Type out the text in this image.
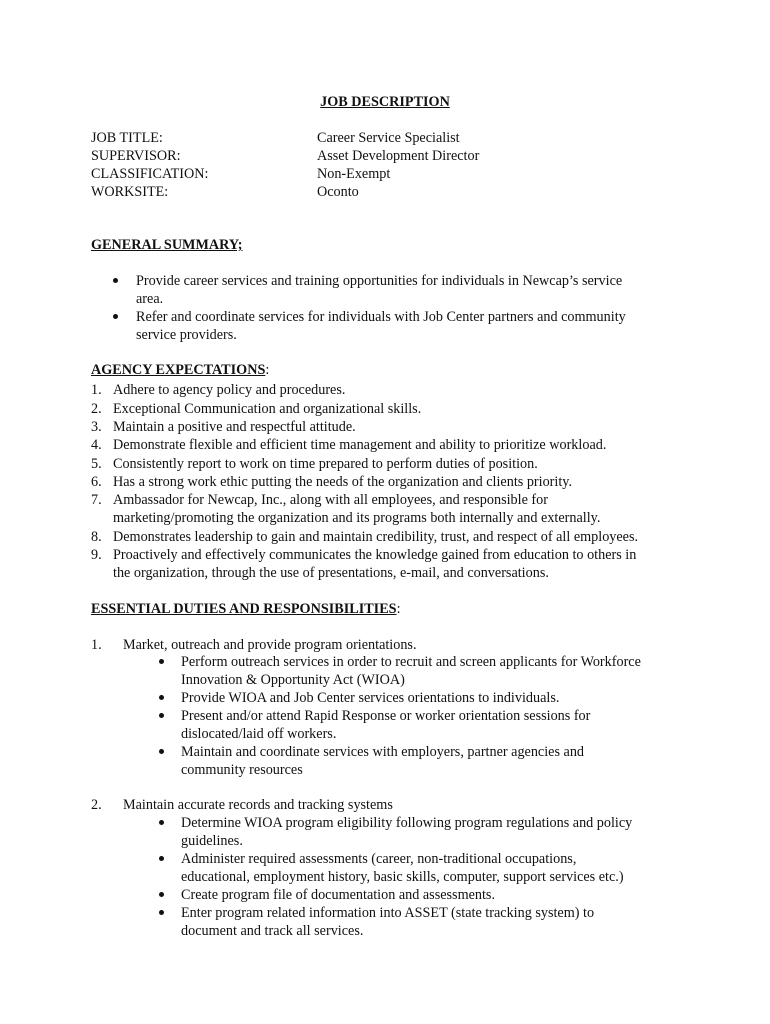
JOB DESCRIPTION
JOB TITLE:	Career Service Specialist
SUPERVISOR:	Asset Development Director
CLASSIFICATION:	Non-Exempt
WORKSITE:	Oconto
GENERAL SUMMARY;
Provide career services and training opportunities for individuals in Newcap’s service
area.
Refer and coordinate services for individuals with Job Center partners and community
service providers.
AGENCY EXPECTATIONS:
1. Adhere to agency policy and procedures.
2. Exceptional Communication and organizational skills.
3. Maintain a positive and respectful attitude.
4. Demonstrate flexible and efficient time management and ability to prioritize workload.
5. Consistently report to work on time prepared to perform duties of position.
6. Has a strong work ethic putting the needs of the organization and clients priority.
7. Ambassador for Newcap, Inc., along with all employees, and responsible for
marketing/promoting the organization and its programs both internally and externally.
8. Demonstrates leadership to gain and maintain credibility, trust, and respect of all employees.
9. Proactively and effectively communicates the knowledge gained from education to others in
the organization, through the use of presentations, e-mail, and conversations.
ESSENTIAL DUTIES AND RESPONSIBILITIES:
1. Market, outreach and provide program orientations.
Perform outreach services in order to recruit and screen applicants for Workforce
Innovation & Opportunity Act (WIOA)
Provide WIOA and Job Center services orientations to individuals.
Present and/or attend Rapid Response or worker orientation sessions for
dislocated/laid off workers.
Maintain and coordinate services with employers, partner agencies and
community resources
2. Maintain accurate records and tracking systems
Determine WIOA program eligibility following program regulations and policy
guidelines.
Administer required assessments (career, non-traditional occupations,
educational, employment history, basic skills, computer, support services etc.)
Create program file of documentation and assessments.
Enter program related information into ASSET (state tracking system) to
document and track all services.
